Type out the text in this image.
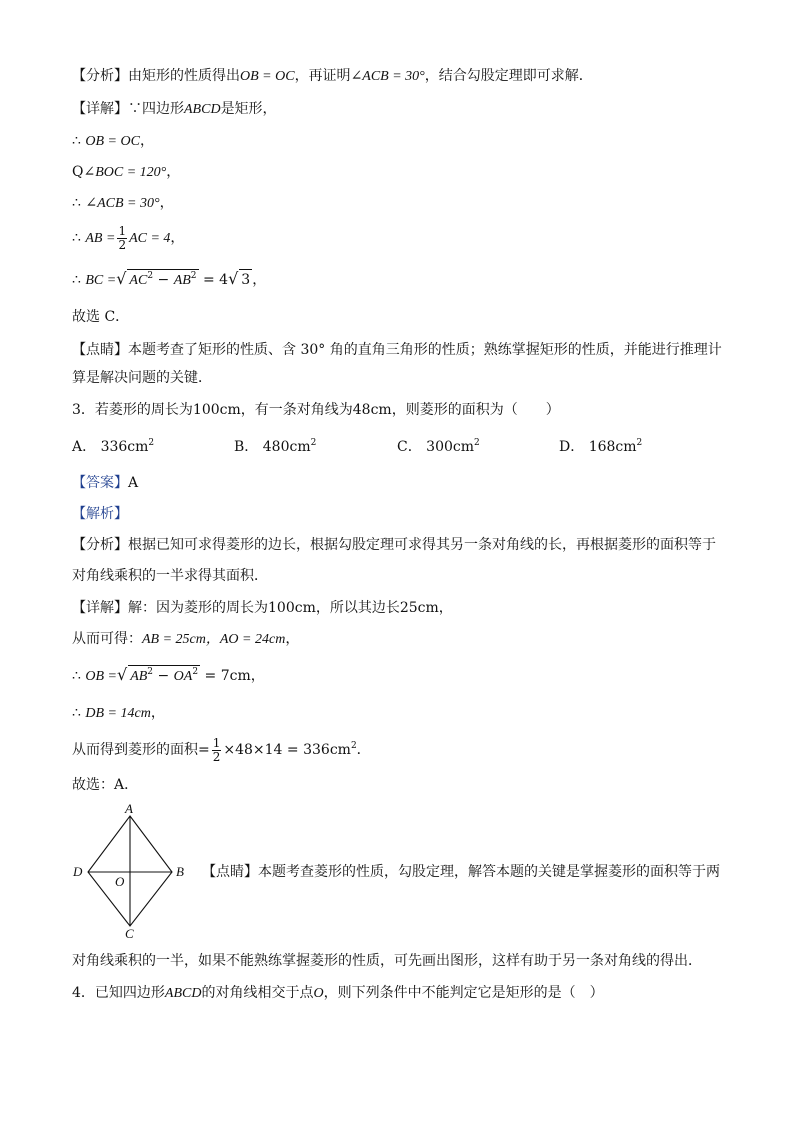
【分析】由矩形的性质得出OB = OC，再证明∠ACB = 30°，结合勾股定理即可求解．
【详解】∵四边形ABCD是矩形，
∴ OB = OC，
Q∠BOC = 120°，
∴ ∠ACB = 30°，
∴ AB = $\frac{1}{2}$ AC = 4，
∴ BC =√ $AC^2 - AB^2 = 4√$ 3 ，
故选 C．
【点睛】本题考查了矩形的性质、含 30° 角的直角三角形的性质；熟练掌握矩形的性质，并能进行推理计
算是解决问题的关键．
3．若菱形的周长为100cm，有一条对角线为48cm，则菱形的面积为（　　）
A． $336cm^2$	B． $480cm^2$	C． $300cm^2$	D． $168cm^2$
【答案】A
【解析】
【分析】根据已知可求得菱形的边长，根据勾股定理可求得其另一条对角线的长，再根据菱形的面积等于
对角线乘积的一半求得其面积．
【详解】解：因为菱形的周长为100cm，所以其边长25cm，
从而可得：AB = 25cm，AO = 24cm，
∴ OB =√ $AB^2 - OA^2 = 7cm$，
∴ DB = 14cm，
从而得到菱形的面积= $\frac{1}{2} \times 48\times 14 = 336cm^2$．
故选：A．
A
B
C
D
O
【点睛】本题考查菱形的性质，勾股定理，解答本题的关键是掌握菱形的面积等于两
对角线乘积的一半，如果不能熟练掌握菱形的性质，可先画出图形，这样有助于另一条对角线的得出．
4．已知四边形ABCD的对角线相交于点O，则下列条件中不能判定它是矩形的是（　）
